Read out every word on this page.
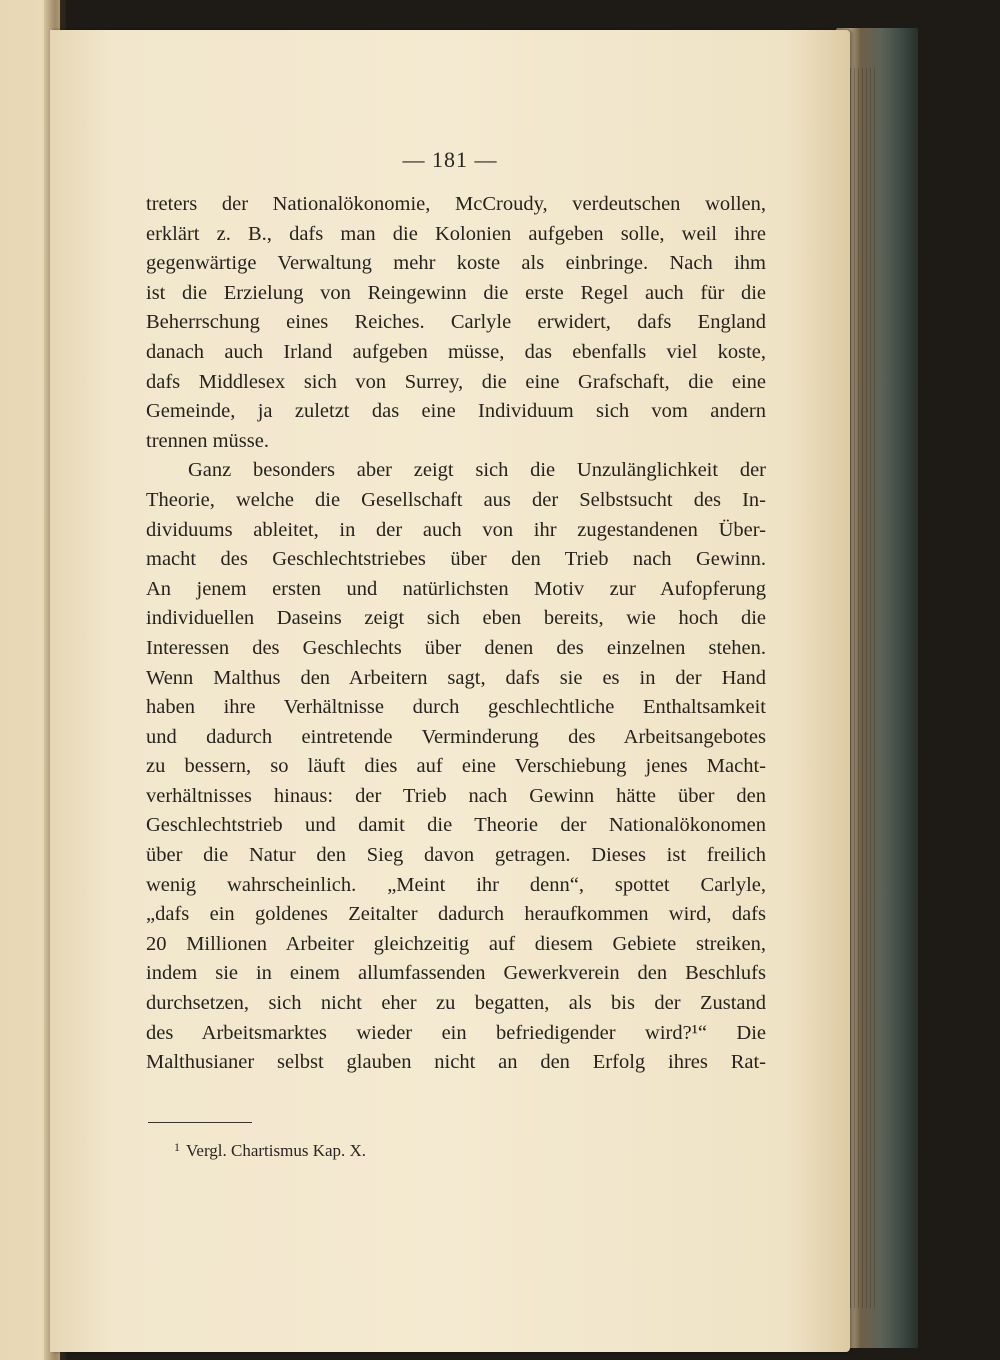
— 181 —
treters der Nationalökonomie, McCroudy, verdeutschen wollen,
erklärt z. B., dafs man die Kolonien aufgeben solle, weil ihre
gegenwärtige Verwaltung mehr koste als einbringe. Nach ihm
ist die Erzielung von Reingewinn die erste Regel auch für die
Beherrschung eines Reiches. Carlyle erwidert, dafs England
danach auch Irland aufgeben müsse, das ebenfalls viel koste,
dafs Middlesex sich von Surrey, die eine Grafschaft, die eine
Gemeinde, ja zuletzt das eine Individuum sich vom andern
trennen müsse.
Ganz besonders aber zeigt sich die Unzulänglichkeit der
Theorie, welche die Gesellschaft aus der Selbstsucht des In-
dividuums ableitet, in der auch von ihr zugestandenen Über-
macht des Geschlechtstriebes über den Trieb nach Gewinn.
An jenem ersten und natürlichsten Motiv zur Aufopferung
individuellen Daseins zeigt sich eben bereits, wie hoch die
Interessen des Geschlechts über denen des einzelnen stehen.
Wenn Malthus den Arbeitern sagt, dafs sie es in der Hand
haben ihre Verhältnisse durch geschlechtliche Enthaltsamkeit
und dadurch eintretende Verminderung des Arbeitsangebotes
zu bessern, so läuft dies auf eine Verschiebung jenes Macht-
verhältnisses hinaus: der Trieb nach Gewinn hätte über den
Geschlechtstrieb und damit die Theorie der Nationalökonomen
über die Natur den Sieg davon getragen. Dieses ist freilich
wenig wahrscheinlich. „Meint ihr denn“, spottet Carlyle,
„dafs ein goldenes Zeitalter dadurch heraufkommen wird, dafs
20 Millionen Arbeiter gleichzeitig auf diesem Gebiete streiken,
indem sie in einem allumfassenden Gewerkverein den Beschlufs
durchsetzen, sich nicht eher zu begatten, als bis der Zustand
des Arbeitsmarktes wieder ein befriedigender wird?¹“ Die
Malthusianer selbst glauben nicht an den Erfolg ihres Rat-
$^1$ Vergl. Chartismus Kap. X.
